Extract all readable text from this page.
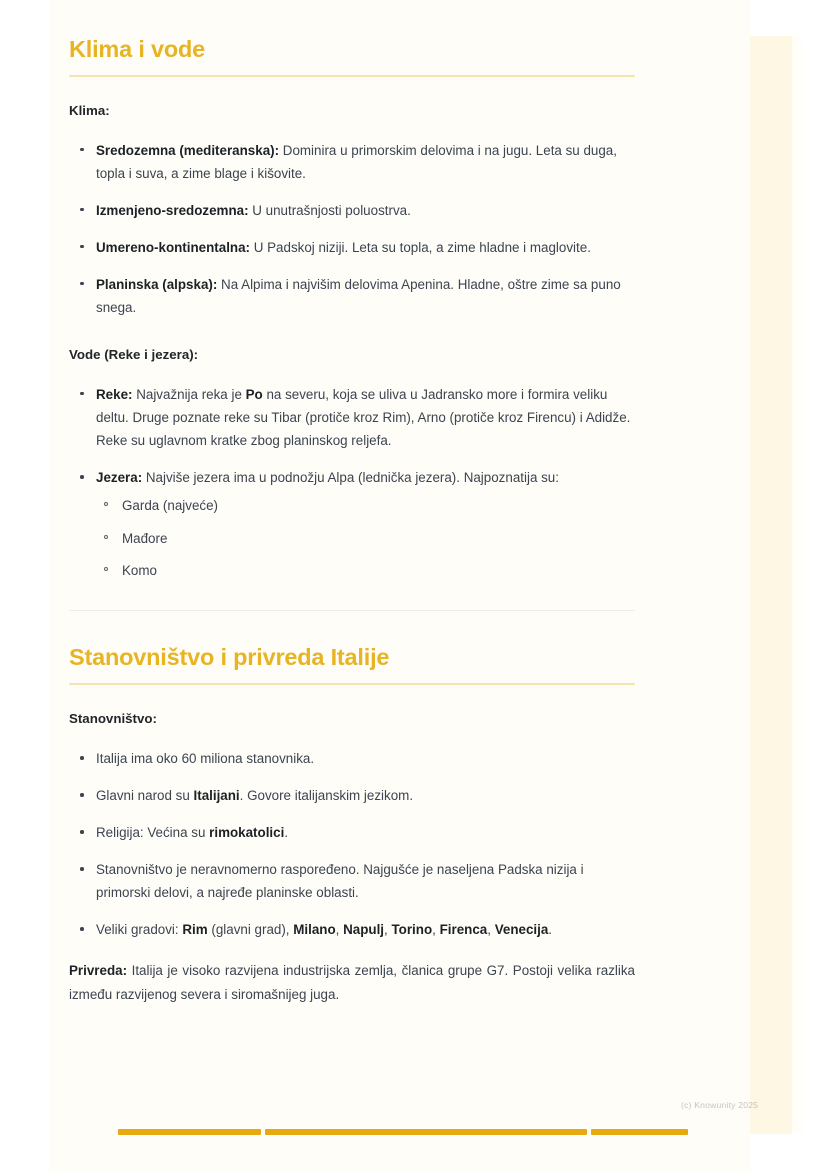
Klima i vode
Klima:
Sredozemna (mediteranska): Dominira u primorskim delovima i na jugu. Leta su duga, topla i suva, a zime blage i kišovite.
Izmenjeno-sredozemna: U unutrašnjosti poluostrva.
Umereno-kontinentalna: U Padskoj niziji. Leta su topla, a zime hladne i maglovite.
Planinska (alpska): Na Alpima i najvišim delovima Apenina. Hladne, oštre zime sa puno snega.
Vode (Reke i jezera):
Reke: Najvažnija reka je Po na severu, koja se uliva u Jadransko more i formira veliku deltu. Druge poznate reke su Tibar (protiče kroz Rim), Arno (protiče kroz Firencu) i Adidže. Reke su uglavnom kratke zbog planinskog reljefa.
Jezera: Najviše jezera ima u podnožju Alpa (lednička jezera). Najpoznatija su:
Garda (najveće)
Mađore
Komo
Stanovništvo i privreda Italije
Stanovništvo:
Italija ima oko 60 miliona stanovnika.
Glavni narod su Italijani. Govore italijanskim jezikom.
Religija: Većina su rimokatolici.
Stanovništvo je neravnomerno raspoređeno. Najgušće je naseljena Padska nizija i primorski delovi, a najređe planinske oblasti.
Veliki gradovi: Rim (glavni grad), Milano, Napulj, Torino, Firenca, Venecija.

Privreda: Italija je visoko razvijena industrijska zemlja, članica grupe G7. Postoji velika razlika između razvijenog severa i siromašnijeg juga.

(c) Knowunity 2025
